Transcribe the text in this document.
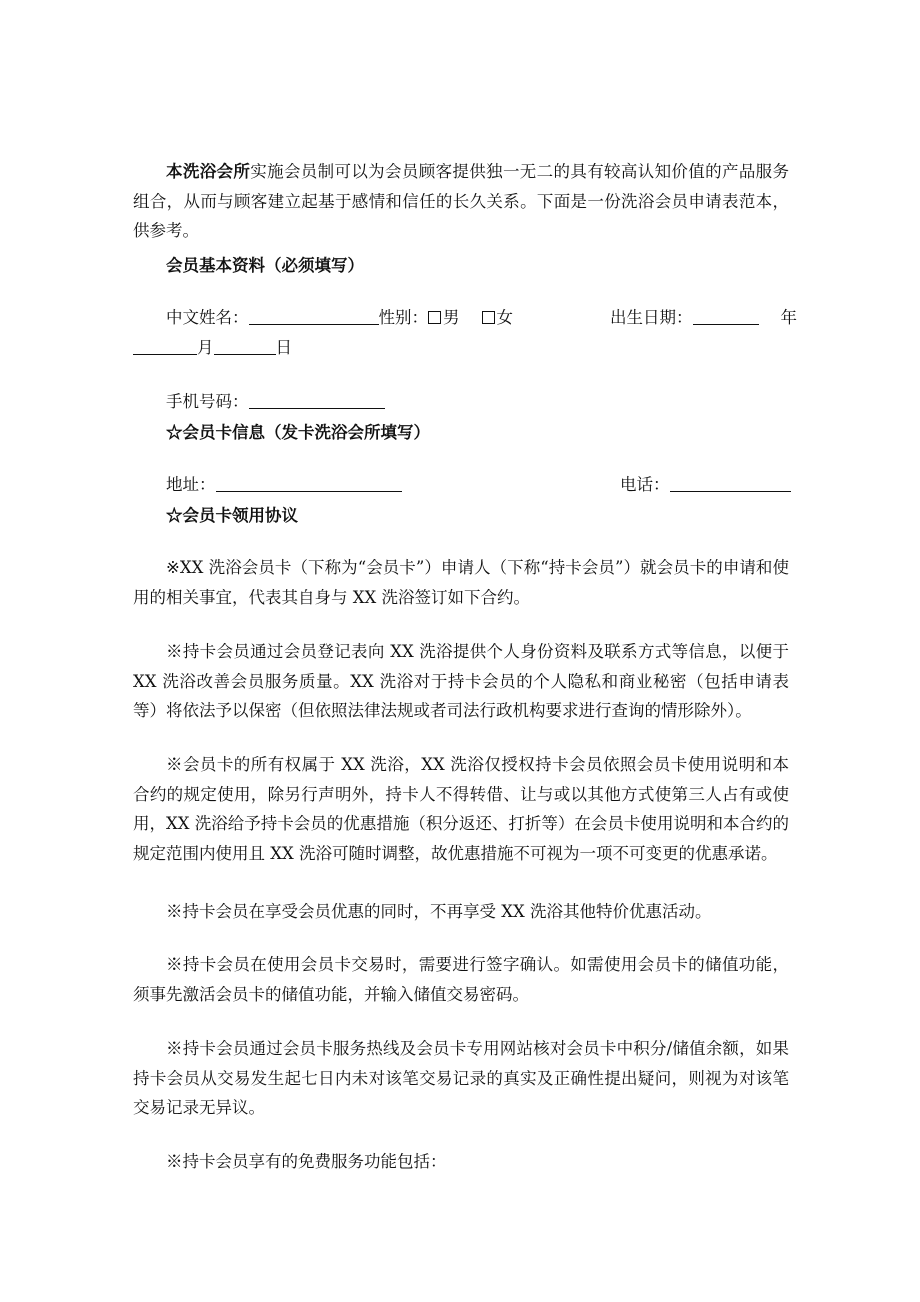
本洗浴会所实施会员制可以为会员顾客提供独一无二的具有较高认知价值的产品服务组合，从而与顾客建立起基于感情和信任的长久关系。下面是一份洗浴会员申请表范本，供参考。
会员基本资料（必须填写）
中文姓名：	性别： 男 女	出生日期：	年
月	日
手机号码：
☆会员卡信息（发卡洗浴会所填写）
地址：	电话：
☆会员卡领用协议
※XX 洗浴会员卡（下称为“会员卡”）申请人（下称“持卡会员”）就会员卡的申请和使用的相关事宜，代表其自身与 XX 洗浴签订如下合约。
※持卡会员通过会员登记表向 XX 洗浴提供个人身份资料及联系方式等信息，以便于 XX 洗浴改善会员服务质量。XX 洗浴对于持卡会员的个人隐私和商业秘密（包括申请表等）将依法予以保密（但依照法律法规或者司法行政机构要求进行查询的情形除外）。
※会员卡的所有权属于 XX 洗浴，XX 洗浴仅授权持卡会员依照会员卡使用说明和本合约的规定使用，除另行声明外，持卡人不得转借、让与或以其他方式使第三人占有或使用，XX 洗浴给予持卡会员的优惠措施（积分返还、打折等）在会员卡使用说明和本合约的规定范围内使用且 XX 洗浴可随时调整，故优惠措施不可视为一项不可变更的优惠承诺。
※持卡会员在享受会员优惠的同时，不再享受 XX 洗浴其他特价优惠活动。
※持卡会员在使用会员卡交易时，需要进行签字确认。如需使用会员卡的储值功能，须事先激活会员卡的储值功能，并输入储值交易密码。
※持卡会员通过会员卡服务热线及会员卡专用网站核对会员卡中积分/储值余额，如果持卡会员从交易发生起七日内未对该笔交易记录的真实及正确性提出疑问，则视为对该笔交易记录无异议。
※持卡会员享有的免费服务功能包括：
